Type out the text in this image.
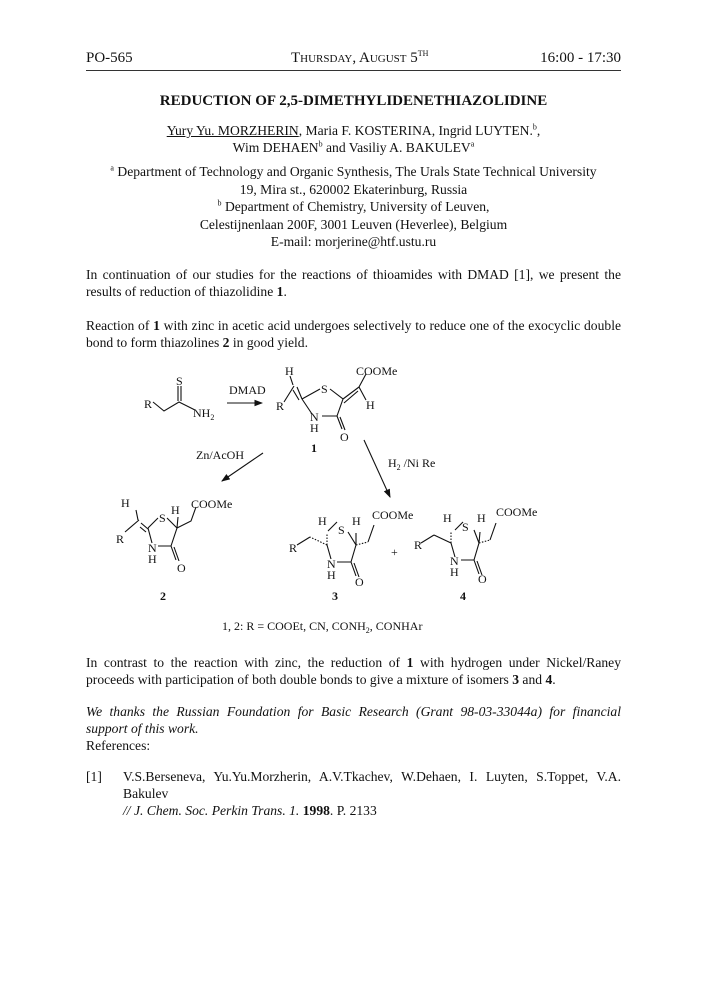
PO-565	Thursday, August 5TH	16:00 - 17:30
REDUCTION OF 2,5-DIMETHYLIDENETHIAZOLIDINE
Yury Yu. MORZHERIN, Maria F. KOSTERINA, Ingrid LUYTEN.$^b$,
Wim DEHAEN$^b$ and Vasiliy A. BAKULEV$^a$
$^a$ Department of Technology and Organic Synthesis, The Urals State Technical University
19, Mira st., 620002 Ekaterinburg, Russia
$^b$ Department of Chemistry, University of Leuven,
Celestijnenlaan 200F, 3001 Leuven (Heverlee), Belgium
E-mail: morjerine@htf.ustu.ru
In continuation of our studies for the reactions of thioamides with DMAD [1], we present the results of reduction of thiazolidine 1.
Reaction of 1 with zinc in acetic acid undergoes selectively to reduce one of the exocyclic double bond to form thiazolines 2 in good yield.
R
S
$NH_2$
DMAD
R
H
S
N
H
O
COOMe
H
1
Zn/AcOH
$H_2$ /Ni Re
R
H
S
H COOMe
N
H
O
2
R
H
S
H COOMe
N
H O
3
+ R
H
S
H COOMe
N
H O
4
1, 2: R = COOEt, CN, $CONH_2$, CONHAr
In contrast to the reaction with zinc, the reduction of 1 with hydrogen under Nickel/Raney proceeds with participation of both double bonds to give a mixture of isomers 3 and 4.
We thanks the Russian Foundation for Basic Research (Grant 98-03-33044a) for financial support of this work.
References:
[1] V.S.Berseneva, Yu.Yu.Morzherin, A.V.Tkachev, W.Dehaen, I. Luyten, S.Toppet, V.A. Bakulev
// J. Chem. Soc. Perkin Trans. 1. 1998. P. 2133
